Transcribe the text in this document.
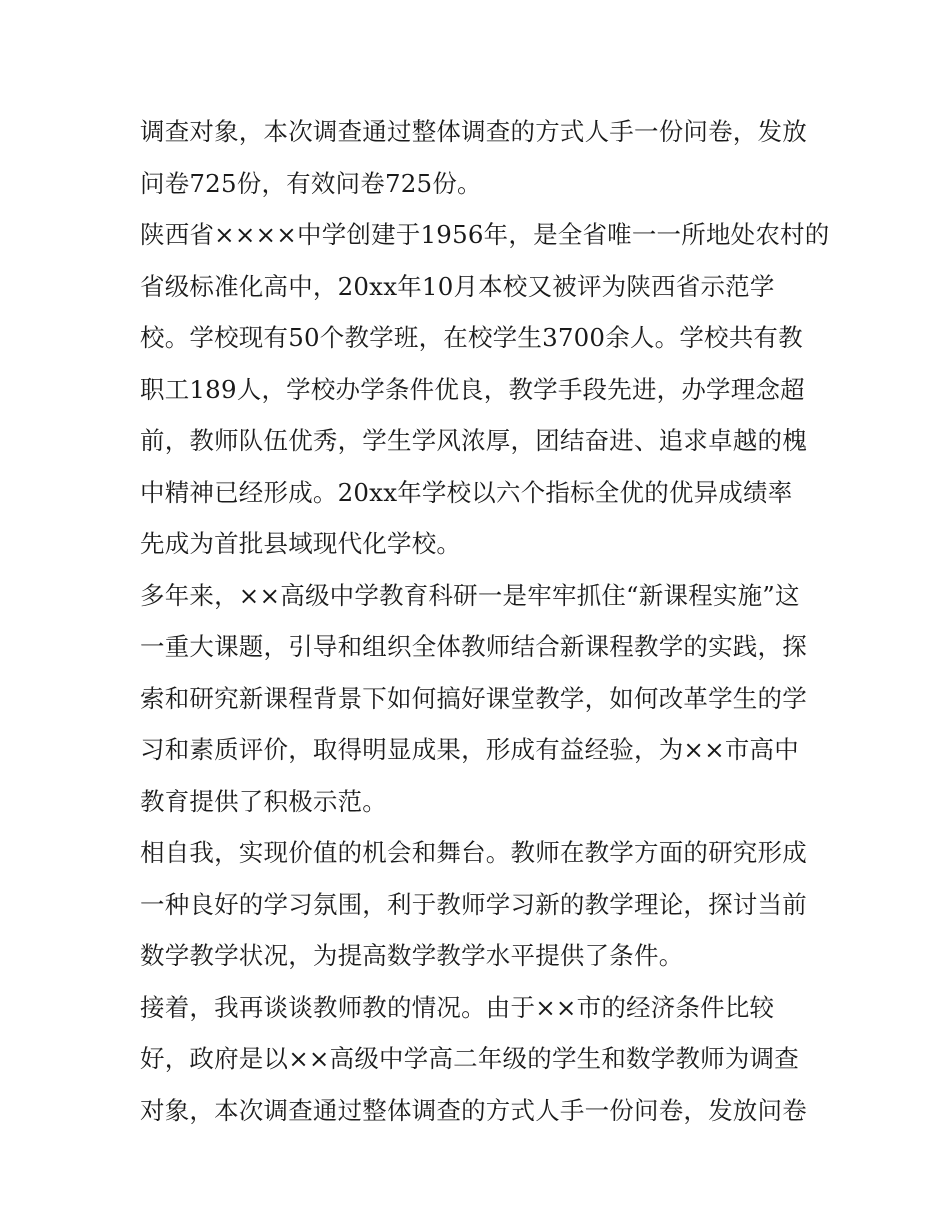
调查对象，本次调查通过整体调查的方式人手一份问卷，发放
问卷725份，有效问卷725份。
陕西省××××中学创建于1956年，是全省唯一一所地处农村的
省级标准化高中，20xx年10月本校又被评为陕西省示范学
校。学校现有50个教学班，在校学生3700余人。学校共有教
职工189人，学校办学条件优良，教学手段先进，办学理念超
前，教师队伍优秀，学生学风浓厚，团结奋进、追求卓越的槐
中精神已经形成。20xx年学校以六个指标全优的优异成绩率
先成为首批县域现代化学校。
多年来，××高级中学教育科研一是牢牢抓住“新课程实施”这
一重大课题，引导和组织全体教师结合新课程教学的实践，探
索和研究新课程背景下如何搞好课堂教学，如何改革学生的学
习和素质评价，取得明显成果，形成有益经验，为××市高中
教育提供了积极示范。
相自我，实现价值的机会和舞台。教师在教学方面的研究形成
一种良好的学习氛围，利于教师学习新的教学理论，探讨当前
数学教学状况，为提高数学教学水平提供了条件。
接着，我再谈谈教师教的情况。由于××市的经济条件比较
好，政府是以××高级中学高二年级的学生和数学教师为调查
对象，本次调查通过整体调查的方式人手一份问卷，发放问卷
